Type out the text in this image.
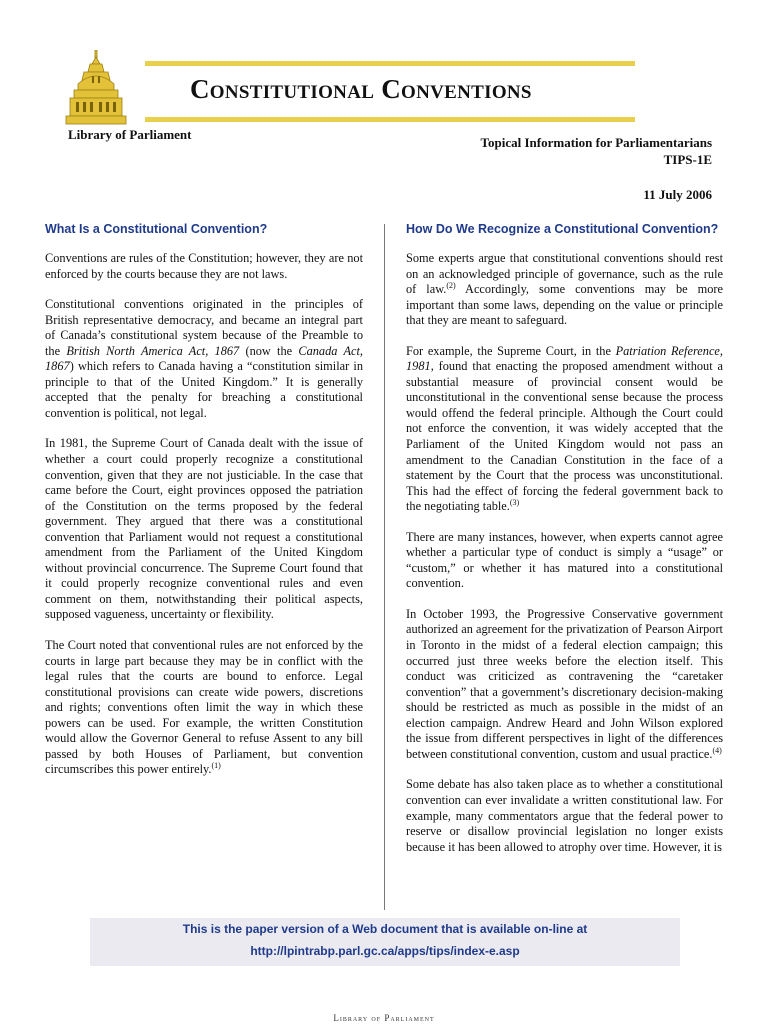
Constitutional Conventions
Library of Parliament
Topical Information for Parliamentarians
TIPS-1E
11 July 2006
What Is a Constitutional Convention?

Conventions are rules of the Constitution; however, they are not enforced by the courts because they are not laws.

Constitutional conventions originated in the principles of British representative democracy, and became an integral part of Canada’s constitutional system because of the Preamble to the British North America Act, 1867 (now the Canada Act, 1867) which refers to Canada having a “constitution similar in principle to that of the United Kingdom.” It is generally accepted that the penalty for breaching a constitutional convention is political, not legal.

In 1981, the Supreme Court of Canada dealt with the issue of whether a court could properly recognize a constitutional convention, given that they are not justiciable. In the case that came before the Court, eight provinces opposed the patriation of the Constitution on the terms proposed by the federal government. They argued that there was a constitutional convention that Parliament would not request a constitutional amendment from the Parliament of the United Kingdom without provincial concurrence. The Supreme Court found that it could properly recognize conventional rules and even comment on them, notwithstanding their political aspects, supposed vagueness, uncertainty or flexibility.

The Court noted that conventional rules are not enforced by the courts in large part because they may be in conflict with the legal rules that the courts are bound to enforce. Legal constitutional provisions can create wide powers, discretions and rights; conventions often limit the way in which these powers can be used. For example, the written Constitution would allow the Governor General to refuse Assent to any bill passed by both Houses of Parliament, but convention circumscribes this power entirely.$^{(1)}$

How Do We Recognize a Constitutional Convention?

Some experts argue that constitutional conventions should rest on an acknowledged principle of governance, such as the rule of law.$^{(2)}$ Accordingly, some conventions may be more important than some laws, depending on the value or principle that they are meant to safeguard.

For example, the Supreme Court, in the Patriation Reference, 1981, found that enacting the proposed amendment without a substantial measure of provincial consent would be unconstitutional in the conventional sense because the process would offend the federal principle. Although the Court could not enforce the convention, it was widely accepted that the Parliament of the United Kingdom would not pass an amendment to the Canadian Constitution in the face of a statement by the Court that the process was unconstitutional. This had the effect of forcing the federal government back to the negotiating table.$^{(3)}$

There are many instances, however, when experts cannot agree whether a particular type of conduct is simply a “usage” or “custom,” or whether it has matured into a constitutional convention.

In October 1993, the Progressive Conservative government authorized an agreement for the privatization of Pearson Airport in Toronto in the midst of a federal election campaign; this occurred just three weeks before the election itself. This conduct was criticized as contravening the “caretaker convention” that a government’s discretionary decision-making should be restricted as much as possible in the midst of an election campaign. Andrew Heard and John Wilson explored the issue from different perspectives in light of the differences between constitutional convention, custom and usual practice.$^{(4)}$

Some debate has also taken place as to whether a constitutional convention can ever invalidate a written constitutional law. For example, many commentators argue that the federal power to reserve or disallow provincial legislation no longer exists because it has been allowed to atrophy over time. However, it is

This is the paper version of a Web document that is available on-line at
http://lpintrabp.parl.gc.ca/apps/tips/index-e.asp
Library of Parliament
